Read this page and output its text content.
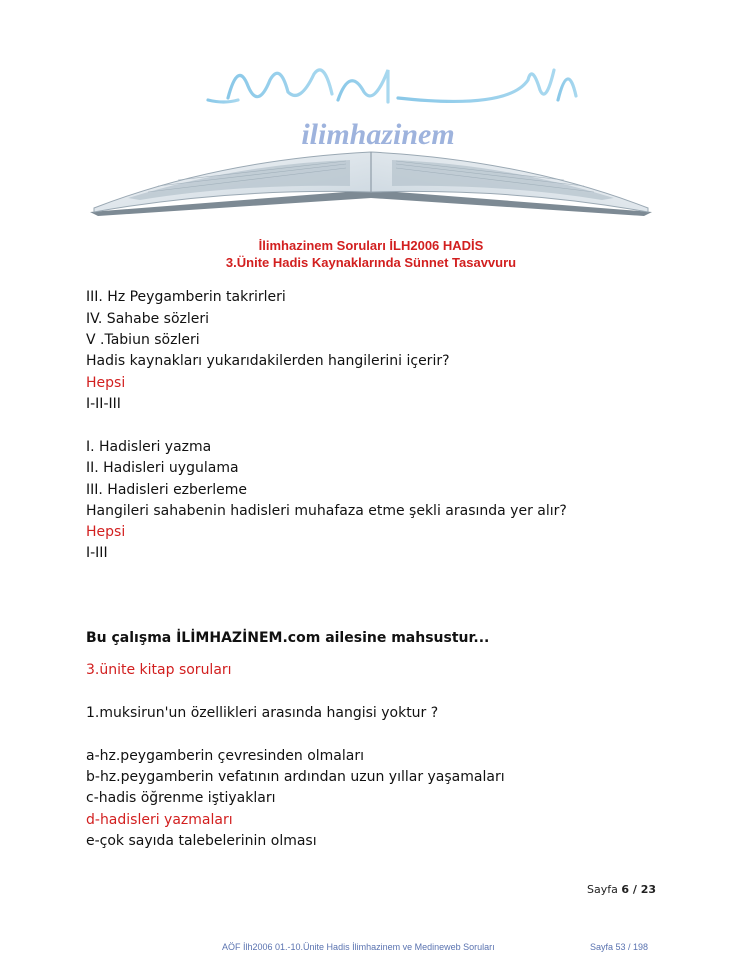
ilimhazinem
İlimhazinem Soruları İLH2006 HADİS
3.Ünite Hadis Kaynaklarında Sünnet Tasavvuru
III. Hz Peygamberin takrirleri
IV. Sahabe sözleri
V .Tabiun sözleri
Hadis kaynakları yukarıdakilerden hangilerini içerir?
Hepsi
I-II-III
I. Hadisleri yazma
II. Hadisleri uygulama
III. Hadisleri ezberleme
Hangileri sahabenin hadisleri muhafaza etme şekli arasında yer alır?
Hepsi
I-III
Bu çalışma İLİMHAZİNEM.com ailesine mahsustur...
3.ünite kitap soruları
1.muksirun'un özellikleri arasında hangisi yoktur ?
a-hz.peygamberin çevresinden olmaları
b-hz.peygamberin vefatının ardından uzun yıllar yaşamaları
c-hadis öğrenme iştiyakları
d-hadisleri yazmaları
e-çok sayıda talebelerinin olması
Sayfa 6 / 23
AÖF İlh2006 01.-10.Ünite Hadis İlimhazinem ve Medineweb Soruları	Sayfa 53 / 198
